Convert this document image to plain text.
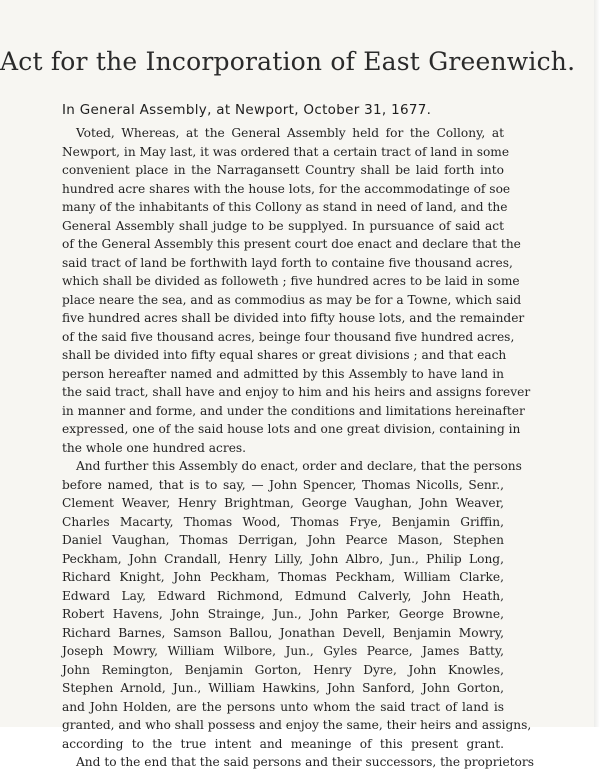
Act for the Incorporation of East Greenwich.
In General Assembly, at Newport, October 31, 1677.
Voted, Whereas, at the General Assembly held for the Collony, at
Newport, in May last, it was ordered that a certain tract of land in some
convenient place in the Narragansett Country shall be laid forth into
hundred acre shares with the house lots, for the accommodatinge of soe
many of the inhabitants of this Collony as stand in need of land, and the
General Assembly shall judge to be supplyed. In pursuance of said act
of the General Assembly this present court doe enact and declare that the
said tract of land be forthwith layd forth to containe five thousand acres,
which shall be divided as followeth ; five hundred acres to be laid in some
place neare the sea, and as commodius as may be for a Towne, which said
five hundred acres shall be divided into fifty house lots, and the remainder
of the said five thousand acres, beinge four thousand five hundred acres,
shall be divided into fifty equal shares or great divisions ; and that each
person hereafter named and admitted by this Assembly to have land in
the said tract, shall have and enjoy to him and his heirs and assigns forever
in manner and forme, and under the conditions and limitations hereinafter
expressed, one of the said house lots and one great division, containing in
the whole one hundred acres.
And further this Assembly do enact, order and declare, that the persons
before named, that is to say, — John Spencer, Thomas Nicolls, Senr.,
Clement Weaver, Henry Brightman, George Vaughan, John Weaver,
Charles Macarty, Thomas Wood, Thomas Frye, Benjamin Griffin,
Daniel Vaughan, Thomas Derrigan, John Pearce Mason, Stephen
Peckham, John Crandall, Henry Lilly, John Albro, Jun., Philip Long,
Richard Knight, John Peckham, Thomas Peckham, William Clarke,
Edward Lay, Edward Richmond, Edmund Calverly, John Heath,
Robert Havens, John Strainge, Jun., John Parker, George Browne,
Richard Barnes, Samson Ballou, Jonathan Devell, Benjamin Mowry,
Joseph Mowry, William Wilbore, Jun., Gyles Pearce, James Batty,
John Remington, Benjamin Gorton, Henry Dyre, John Knowles,
Stephen Arnold, Jun., William Hawkins, John Sanford, John Gorton,
and John Holden, are the persons unto whom the said tract of land is
granted, and who shall possess and enjoy the same, their heirs and assigns,
according to the true intent and meaninge of this present grant.
And to the end that the said persons and their successors, the proprietors
